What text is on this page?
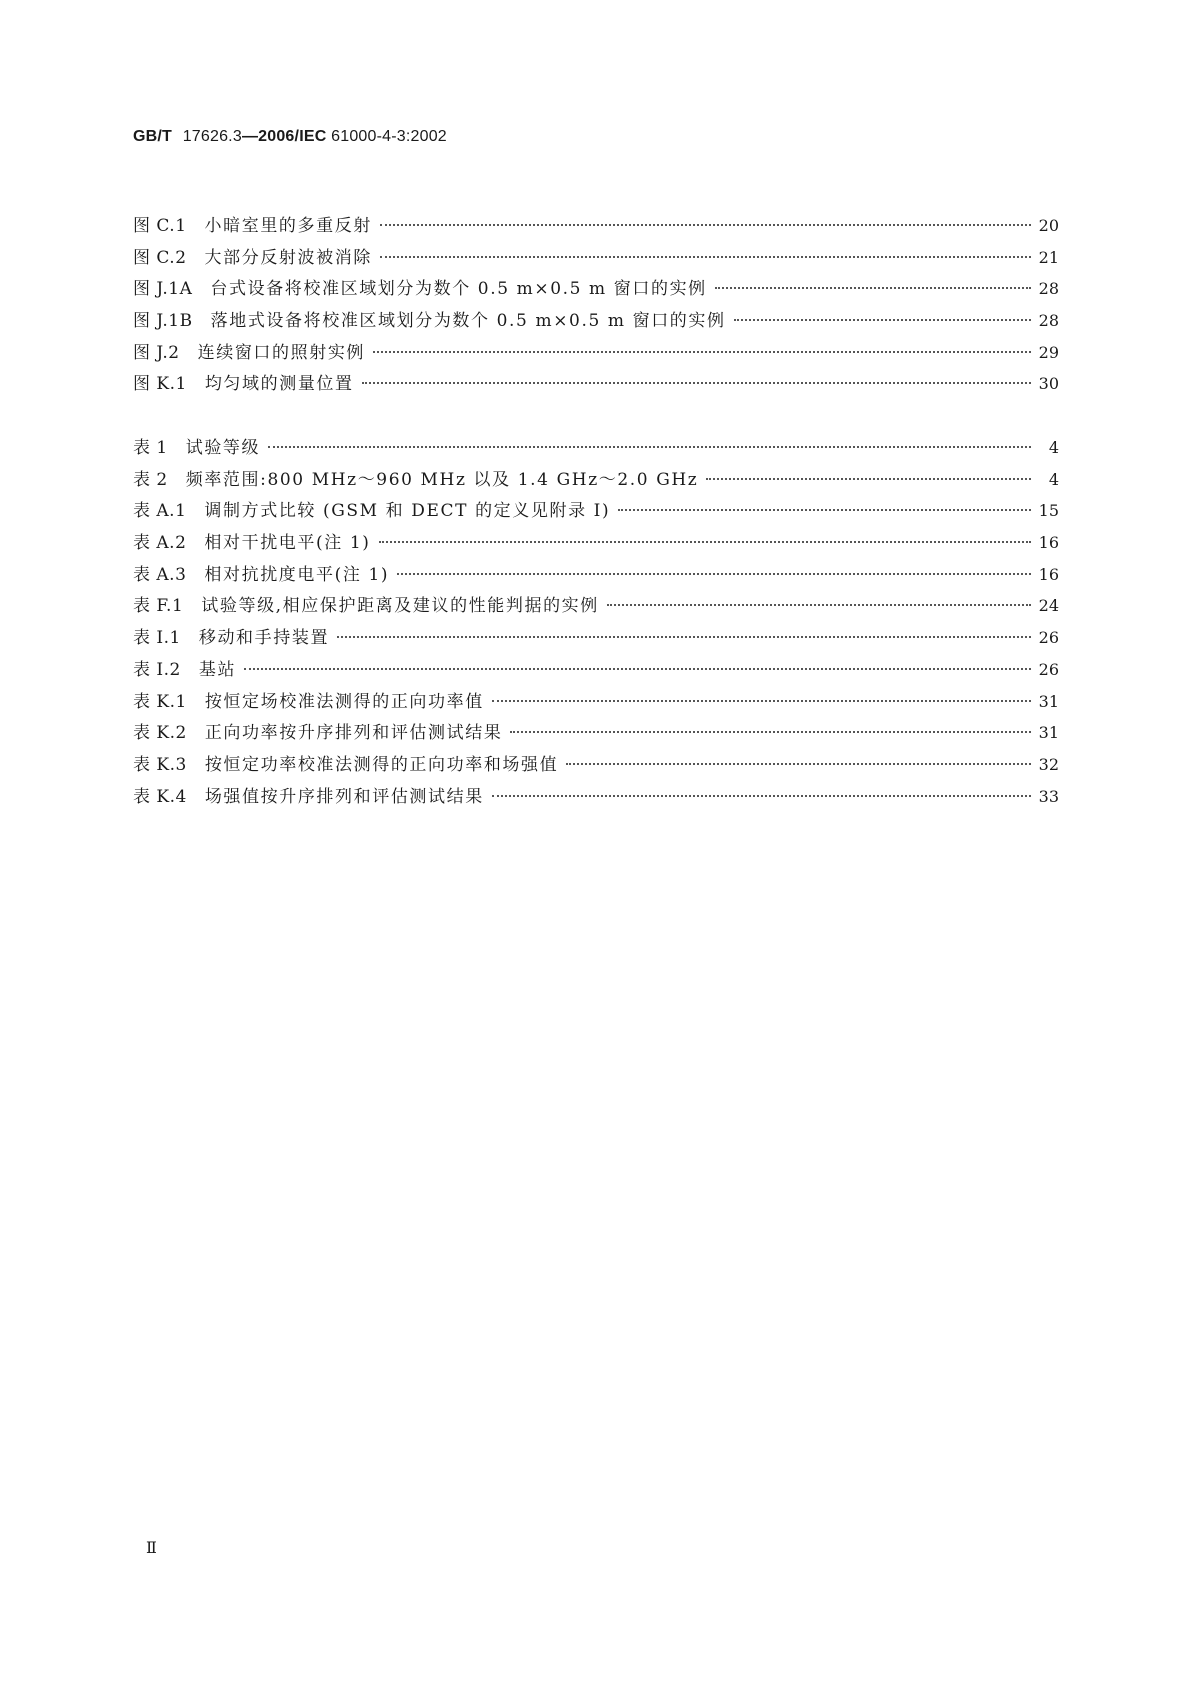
GB/T 17626.3—2006/IEC 61000-4-3:2002
图 C.1 小暗室里的多重反射	20
图 C.2 大部分反射波被消除	21
图 J.1A 台式设备将校准区域划分为数个 0.5 m×0.5 m 窗口的实例	28
图 J.1B 落地式设备将校准区域划分为数个 0.5 m×0.5 m 窗口的实例	28
图 J.2 连续窗口的照射实例	29
图 K.1 均匀域的测量位置	30
表 1 试验等级	4
表 2 频率范围:800 MHz～960 MHz 以及 1.4 GHz～2.0 GHz	4
表 A.1 调制方式比较 (GSM 和 DECT 的定义见附录 I)	15
表 A.2 相对干扰电平(注 1)	16
表 A.3 相对抗扰度电平(注 1)	16
表 F.1 试验等级,相应保护距离及建议的性能判据的实例	24
表 I.1 移动和手持装置	26
表 I.2 基站	26
表 K.1 按恒定场校准法测得的正向功率值	31
表 K.2 正向功率按升序排列和评估测试结果	31
表 K.3 按恒定功率校准法测得的正向功率和场强值	32
表 K.4 场强值按升序排列和评估测试结果	33
Ⅱ
